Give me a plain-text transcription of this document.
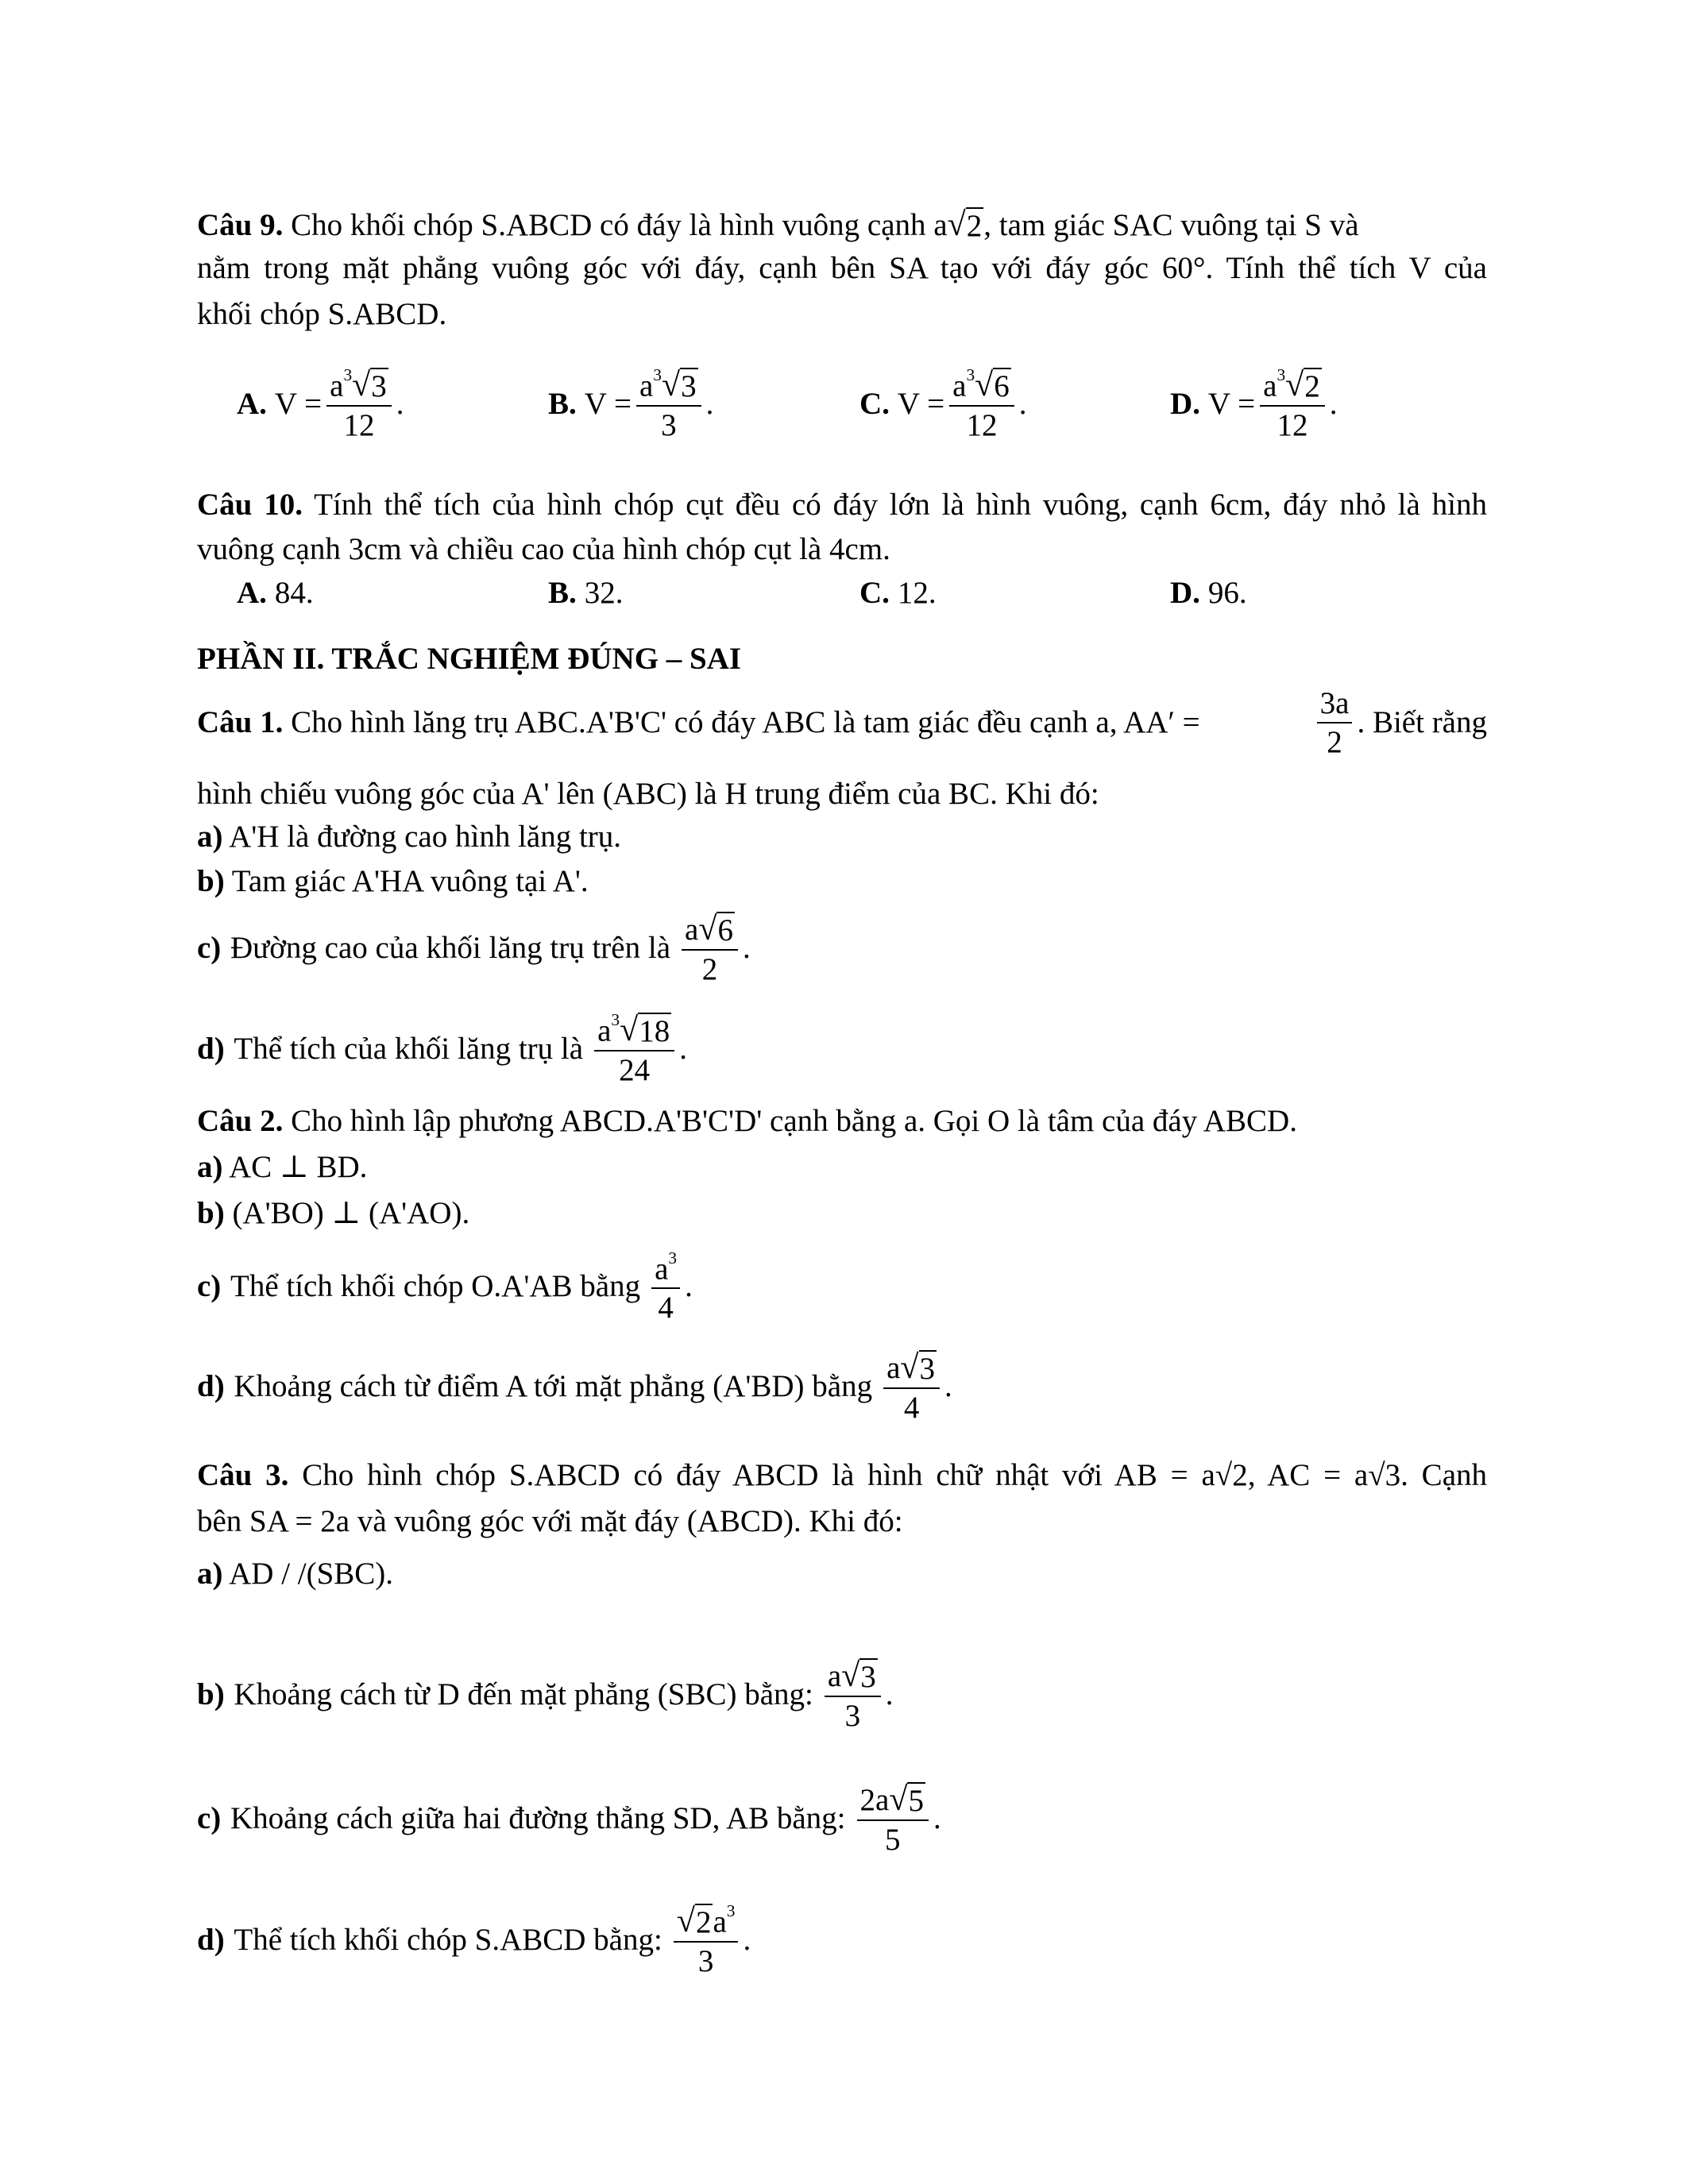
Câu 9. Cho khối chóp S.ABCD có đáy là hình vuông cạnh a √ 2 , tam giác SAC vuông tại S và
nằm trong mặt phẳng vuông góc với đáy, cạnh bên SA tạo với đáy góc 60°. Tính thể tích V của
khối chóp S.ABCD.
A. $V = \frac{a^3 √ 3}{12}$ .	B. $V = \frac{a^3 √ 3}{3}$ .	C. $V = \frac{a^3 √ 6}{12}$ .	D. $V = \frac{a^3 √ 2}{12}$ .
Câu 10. Tính thể tích của hình chóp cụt đều có đáy lớn là hình vuông, cạnh 6cm, đáy nhỏ là hình
vuông cạnh 3cm và chiều cao của hình chóp cụt là 4cm.
A. 84.	B. 32.	C. 12.	D. 96.
PHẦN II. TRẮC NGHIỆM ĐÚNG – SAI
Câu 1. Cho hình lăng trụ ABC.A'B'C' có đáy ABC là tam giác đều cạnh a, AA′ =	$\frac{3a}{2}$ . Biết rằng
hình chiếu vuông góc của A' lên (ABC) là H trung điểm của BC. Khi đó:
a) A'H là đường cao hình lăng trụ.
b) Tam giác A'HA vuông tại A'.
c) Đường cao của khối lăng trụ trên là $\frac{a √ 6}{2}$ .
d) Thể tích của khối lăng trụ là $\frac{a^3 √ 18}{24}$ .
Câu 2. Cho hình lập phương ABCD.A'B'C'D' cạnh bằng a. Gọi O là tâm của đáy ABCD.
a) AC ⊥ BD.
b) (A'BO) ⊥ (A'AO).
c) Thể tích khối chóp O.A'AB bằng $\frac{a^3}{4}$ .
d) Khoảng cách từ điểm A tới mặt phẳng (A'BD) bằng $\frac{a √ 3}{4}$ .
Câu 3. Cho hình chóp S.ABCD có đáy ABCD là hình chữ nhật với AB = a√2, AC = a√3. Cạnh
bên SA = 2a và vuông góc với mặt đáy (ABCD). Khi đó:
a) AD / /(SBC).
b) Khoảng cách từ D đến mặt phẳng (SBC) bằng: $\frac{a √ 3}{3}$ .
c) Khoảng cách giữa hai đường thẳng SD, AB bằng: $\frac{2a √ 5}{5}$ .
d) Thể tích khối chóp S.ABCD bằng: $\frac{√ 2 a^3}{3}$ .
